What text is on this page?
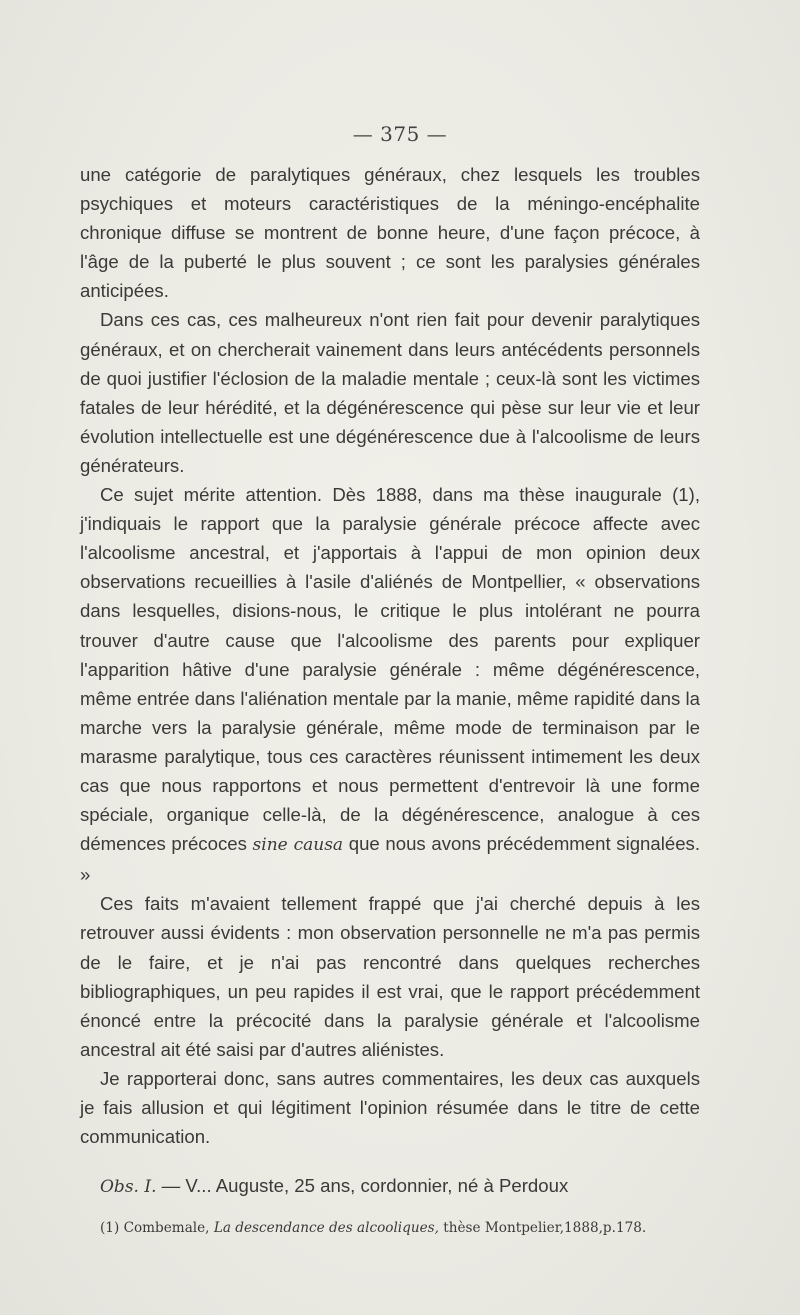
— 375 —

une catégorie de paralytiques généraux, chez lesquels les troubles psychiques et moteurs caractéristiques de la méningo-encéphalite chronique diffuse se montrent de bonne heure, d'une façon précoce, à l'âge de la puberté le plus souvent ; ce sont les paralysies générales anticipées.

Dans ces cas, ces malheureux n'ont rien fait pour devenir paralytiques généraux, et on chercherait vainement dans leurs antécédents personnels de quoi justifier l'éclosion de la maladie mentale ; ceux-là sont les victimes fatales de leur hérédité, et la dégénérescence qui pèse sur leur vie et leur évolution intellectuelle est une dégénérescence due à l'alcoolisme de leurs générateurs.

Ce sujet mérite attention. Dès 1888, dans ma thèse inaugurale (1), j'indiquais le rapport que la paralysie générale précoce affecte avec l'alcoolisme ancestral, et j'apportais à l'appui de mon opinion deux observations recueillies à l'asile d'aliénés de Montpellier, « observations dans lesquelles, disions-nous, le critique le plus intolérant ne pourra trouver d'autre cause que l'alcoolisme des parents pour expliquer l'apparition hâtive d'une paralysie générale : même dégénérescence, même entrée dans l'aliénation mentale par la manie, même rapidité dans la marche vers la paralysie générale, même mode de terminaison par le marasme paralytique, tous ces caractères réunissent intimement les deux cas que nous rapportons et nous permettent d'entrevoir là une forme spéciale, organique celle-là, de la dégénérescence, analogue à ces démences précoces sine causa que nous avons précédemment signalées. »

Ces faits m'avaient tellement frappé que j'ai cherché depuis à les retrouver aussi évidents : mon observation personnelle ne m'a pas permis de le faire, et je n'ai pas rencontré dans quelques recherches bibliographiques, un peu rapides il est vrai, que le rapport précédemment énoncé entre la précocité dans la paralysie générale et l'alcoolisme ancestral ait été saisi par d'autres aliénistes.

Je rapporterai donc, sans autres commentaires, les deux cas auxquels je fais allusion et qui légitiment l'opinion résumée dans le titre de cette communication.

Obs. I. — V... Auguste, 25 ans, cordonnier, né à Perdoux
(1) Combemale, La descendance des alcooliques, thèse Montpelier,1888,p.178.
